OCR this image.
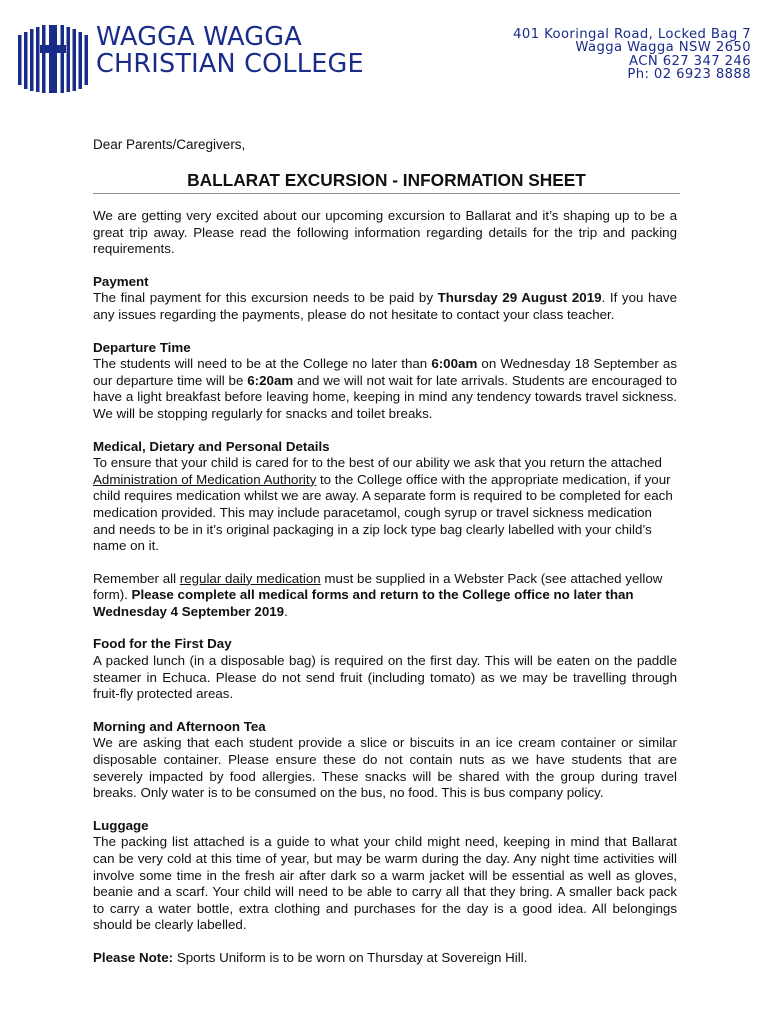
WAGGA WAGGA
CHRISTIAN COLLEGE
401 Kooringal Road, Locked Bag 7
Wagga Wagga NSW 2650
ACN 627 347 246
Ph: 02 6923 8888
Dear Parents/Caregivers,
BALLARAT EXCURSION - INFORMATION SHEET

We are getting very excited about our upcoming excursion to Ballarat and it’s shaping up to be a great trip away. Please read the following information regarding details for the trip and packing requirements.

Payment
The final payment for this excursion needs to be paid by Thursday 29 August 2019. If you have any issues regarding the payments, please do not hesitate to contact your class teacher.

Departure Time
The students will need to be at the College no later than 6:00am on Wednesday 18 September as our departure time will be 6:20am and we will not wait for late arrivals. Students are encouraged to have a light breakfast before leaving home, keeping in mind any tendency towards travel sickness. We will be stopping regularly for snacks and toilet breaks.

Medical, Dietary and Personal Details
To ensure that your child is cared for to the best of our ability we ask that you return the attached Administration of Medication Authority to the College office with the appropriate medication, if your child requires medication whilst we are away. A separate form is required to be completed for each medication provided. This may include paracetamol, cough syrup or travel sickness medication and needs to be in it’s original packaging in a zip lock type bag clearly labelled with your child’s name on it.

Remember all regular daily medication must be supplied in a Webster Pack (see attached yellow form). Please complete all medical forms and return to the College office no later than Wednesday 4 September 2019.

Food for the First Day
A packed lunch (in a disposable bag) is required on the first day. This will be eaten on the paddle steamer in Echuca. Please do not send fruit (including tomato) as we may be travelling through fruit-fly protected areas.

Morning and Afternoon Tea
We are asking that each student provide a slice or biscuits in an ice cream container or similar disposable container. Please ensure these do not contain nuts as we have students that are severely impacted by food allergies. These snacks will be shared with the group during travel breaks. Only water is to be consumed on the bus, no food. This is bus company policy.

Luggage
The packing list attached is a guide to what your child might need, keeping in mind that Ballarat can be very cold at this time of year, but may be warm during the day. Any night time activities will involve some time in the fresh air after dark so a warm jacket will be essential as well as gloves, beanie and a scarf. Your child will need to be able to carry all that they bring. A smaller back pack to carry a water bottle, extra clothing and purchases for the day is a good idea. All belongings should be clearly labelled.

Please Note: Sports Uniform is to be worn on Thursday at Sovereign Hill.
